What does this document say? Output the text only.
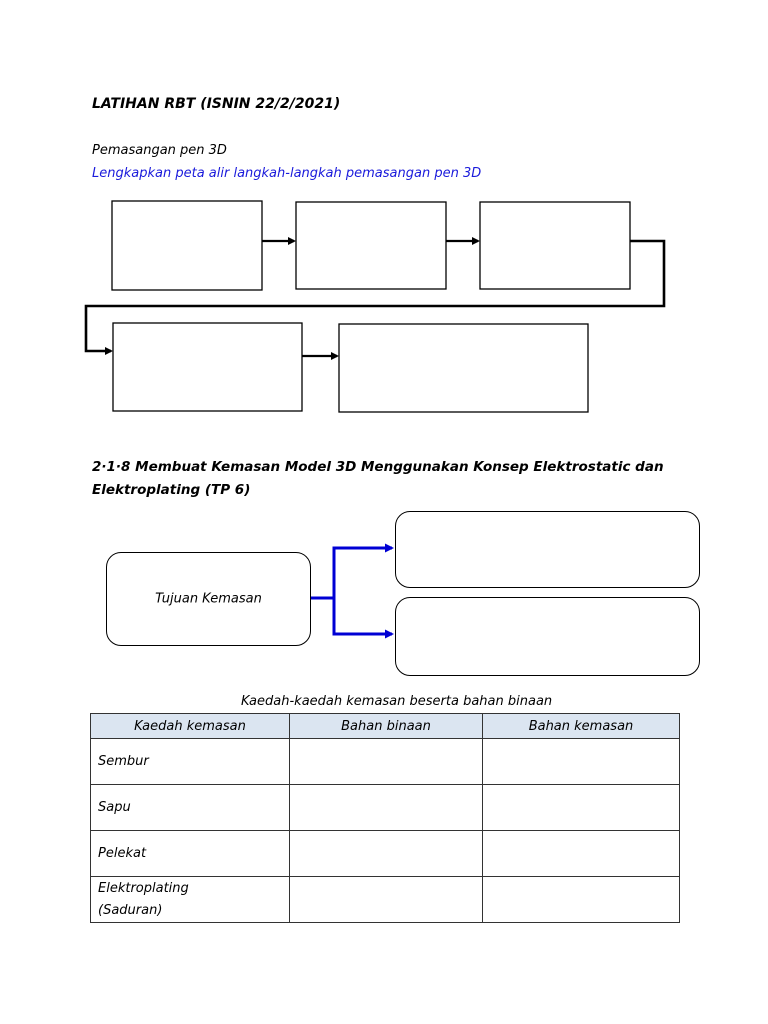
LATIHAN RBT (ISNIN 22/2/2021)
Pemasangan pen 3D
Lengkapkan peta alir langkah-langkah pemasangan pen 3D
2·1·8 Membuat Kemasan Model 3D Menggunakan Konsep Elektrostatic dan
Elektroplating (TP 6)
Tujuan Kemasan
Kaedah-kaedah kemasan beserta bahan binaan
Kaedah kemasan	Bahan binaan	Bahan kemasan
Sembur		
Sapu		
Pelekat		
Elektroplating
(Saduran)		
